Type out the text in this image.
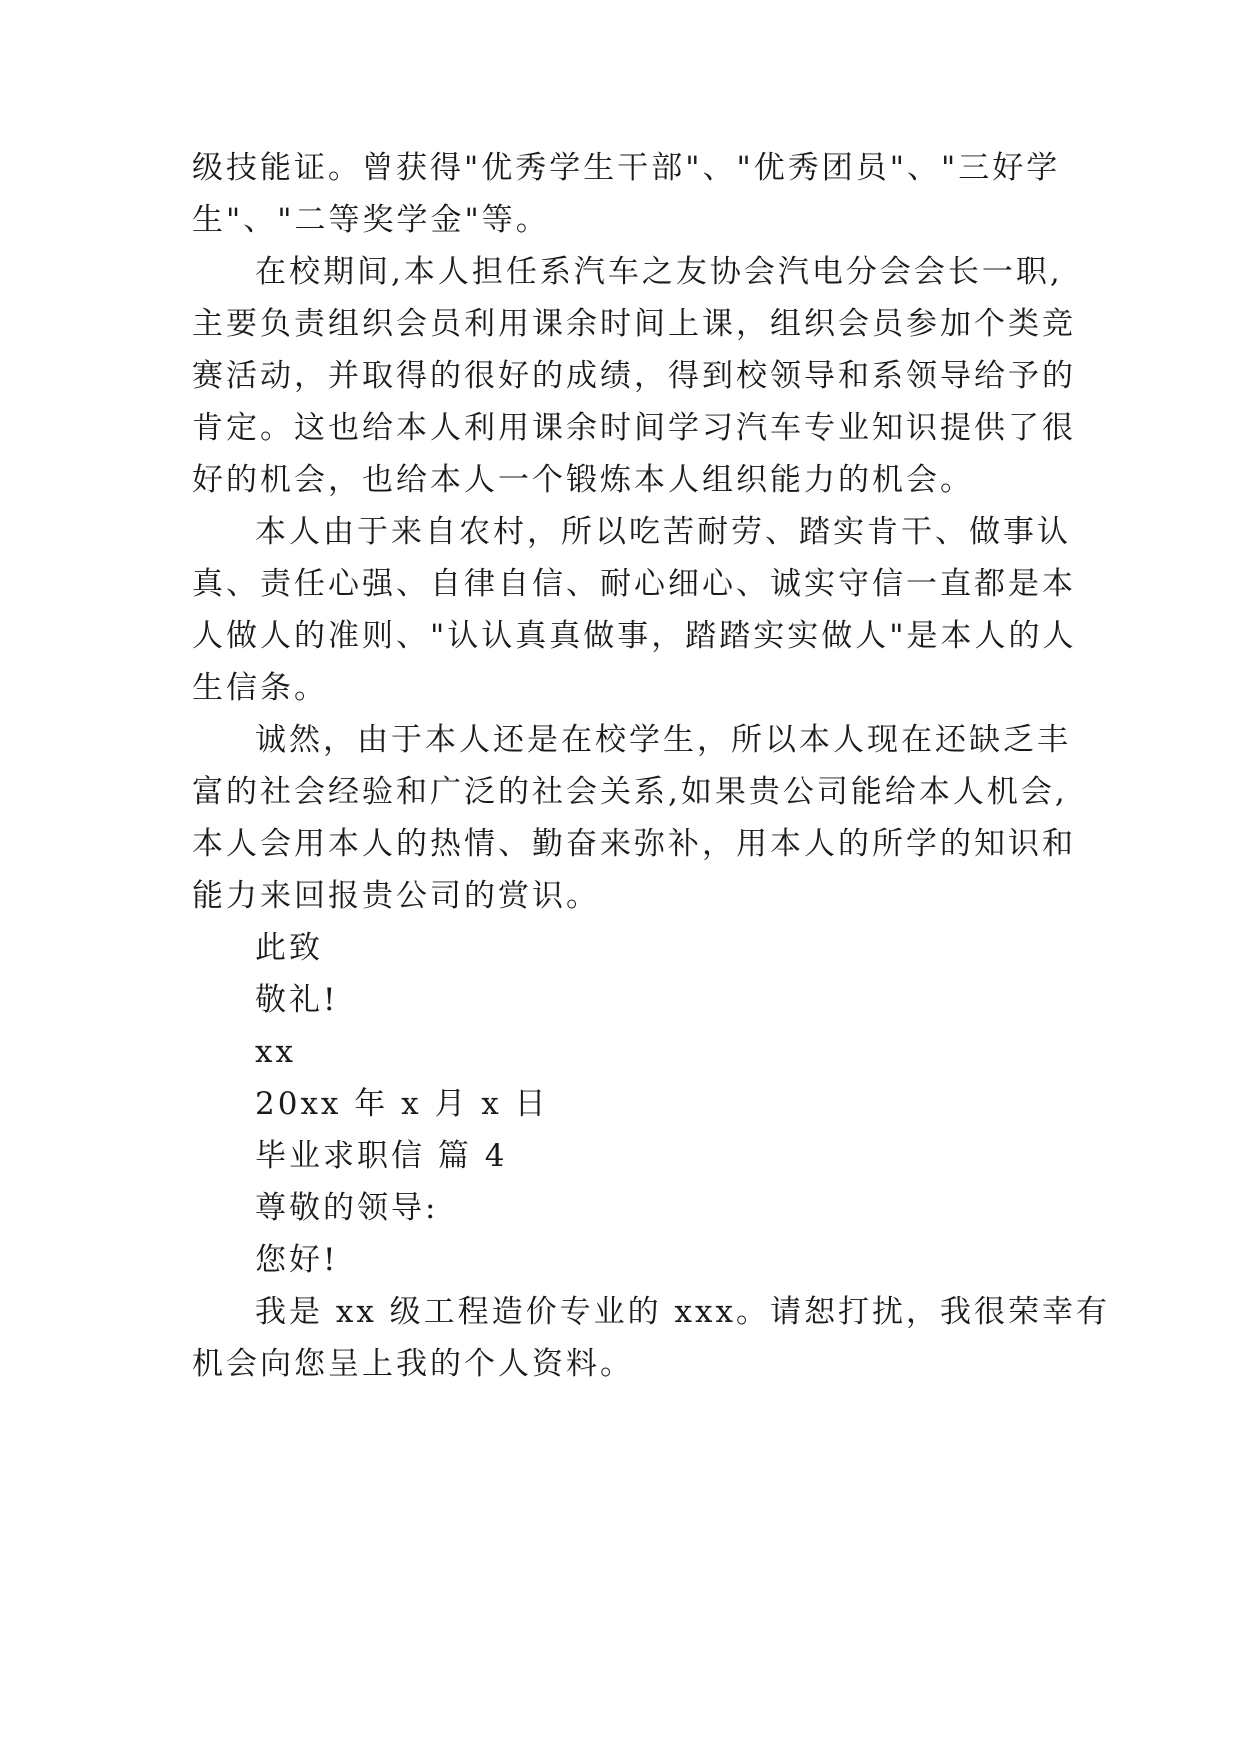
级技能证。曾获得"优秀学生干部"、"优秀团员"、"三好学
生"、"二等奖学金"等。
在校期间,本人担任系汽车之友协会汽电分会会长一职,
主要负责组织会员利用课余时间上课，组织会员参加个类竞
赛活动，并取得的很好的成绩，得到校领导和系领导给予的
肯定。这也给本人利用课余时间学习汽车专业知识提供了很
好的机会，也给本人一个锻炼本人组织能力的机会。
本人由于来自农村，所以吃苦耐劳、踏实肯干、做事认
真、责任心强、自律自信、耐心细心、诚实守信一直都是本
人做人的准则、"认认真真做事，踏踏实实做人"是本人的人
生信条。
诚然，由于本人还是在校学生，所以本人现在还缺乏丰
富的社会经验和广泛的社会关系,如果贵公司能给本人机会,
本人会用本人的热情、勤奋来弥补，用本人的所学的知识和
能力来回报贵公司的赏识。
此致
敬礼!
xx
20xx 年 x 月 x 日
毕业求职信 篇 4
尊敬的领导:
您好!
我是 xx 级工程造价专业的 xxx。请恕打扰，我很荣幸有
机会向您呈上我的个人资料。
